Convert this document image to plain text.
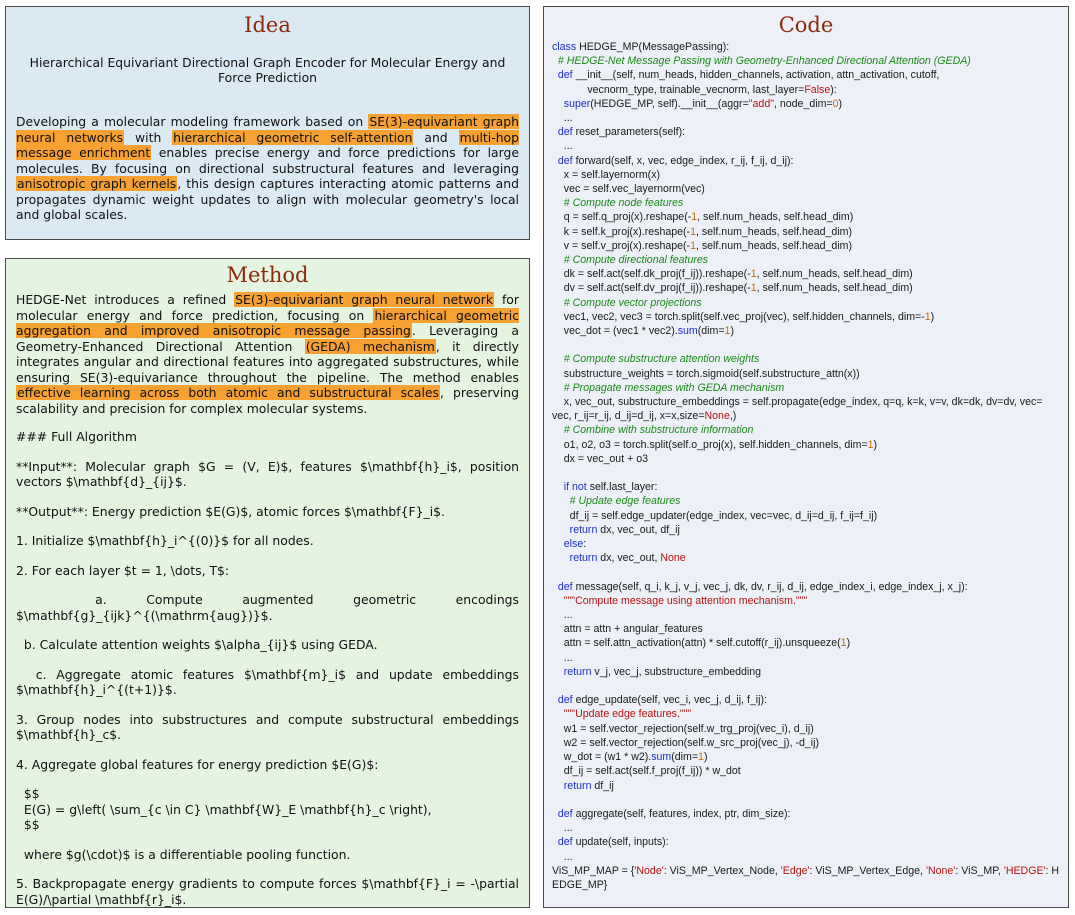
Idea
Hierarchical Equivariant Directional Graph Encoder for Molecular Energy and Force Prediction
Developing a molecular modeling framework based on SE(3)-equivariant graph neural networks with hierarchical geometric self-attention and multi-hop message enrichment enables precise energy and force predictions for large molecules. By focusing on directional substructural features and leveraging anisotropic graph kernels, this design captures interacting atomic patterns and propagates dynamic weight updates to align with molecular geometry's local and global scales.
Method
HEDGE-Net introduces a refined SE(3)-equivariant graph neural network for molecular energy and force prediction, focusing on hierarchical geometric aggregation and improved anisotropic message passing. Leveraging a Geometry-Enhanced Directional Attention (GEDA) mechanism, it directly integrates angular and directional features into aggregated substructures, while ensuring SE(3)-equivariance throughout the pipeline. The method enables effective learning across both atomic and substructural scales, preserving scalability and precision for complex molecular systems.
### Full Algorithm
**Input**: Molecular graph $G = (V, E)$, features $\mathbf{h}_i$, position vectors $\mathbf{d}_{ij}$.
**Output**: Energy prediction $E(G)$, atomic forces $\mathbf{F}_i$.
1. Initialize $\mathbf{h}_i^{(0)}$ for all nodes.
2. For each layer $t = 1, \dots, T$:
a. Compute augmented geometric encodings $\mathbf{g}_{ijk}^{(\mathrm{aug})}$.
b. Calculate attention weights $\alpha_{ij}$ using GEDA.
c. Aggregate atomic features $\mathbf{m}_i$ and update embeddings $\mathbf{h}_i^{(t+1)}$.
3. Group nodes into substructures and compute substructural embeddings $\mathbf{h}_c$.
4. Aggregate global features for energy prediction $E(G)$:
$$
E(G) = g\left( \sum_{c \in C} \mathbf{W}_E \mathbf{h}_c \right),
$$
where $g(\cdot)$ is a differentiable pooling function.
5. Backpropagate energy gradients to compute forces $\mathbf{F}_i = -\partial E(G)/\partial \mathbf{r}_i$.
Code
class HEDGE_MP(MessagePassing):
# HEDGE-Net Message Passing with Geometry-Enhanced Directional Attention (GEDA)
def __init__(self, num_heads, hidden_channels, activation, attn_activation, cutoff,
vecnorm_type, trainable_vecnorm, last_layer=False):
super(HEDGE_MP, self).__init__(aggr="add", node_dim=0)
...
def reset_parameters(self):
...
def forward(self, x, vec, edge_index, r_ij, f_ij, d_ij):
x = self.layernorm(x)
vec = self.vec_layernorm(vec)
# Compute node features
q = self.q_proj(x).reshape(-1, self.num_heads, self.head_dim)
k = self.k_proj(x).reshape(-1, self.num_heads, self.head_dim)
v = self.v_proj(x).reshape(-1, self.num_heads, self.head_dim)
# Compute directional features
dk = self.act(self.dk_proj(f_ij)).reshape(-1, self.num_heads, self.head_dim)
dv = self.act(self.dv_proj(f_ij)).reshape(-1, self.num_heads, self.head_dim)
# Compute vector projections
vec1, vec2, vec3 = torch.split(self.vec_proj(vec), self.hidden_channels, dim=-1)
vec_dot = (vec1 * vec2).sum(dim=1)
# Compute substructure attention weights
substructure_weights = torch.sigmoid(self.substructure_attn(x))
# Propagate messages with GEDA mechanism
x, vec_out, substructure_embeddings = self.propagate(edge_index, q=q, k=k, v=v, dk=dk, dv=dv, vec=
vec, r_ij=r_ij, d_ij=d_ij, x=x,size=None,)
# Combine with substructure information
o1, o2, o3 = torch.split(self.o_proj(x), self.hidden_channels, dim=1)
dx = vec_out + o3
if not self.last_layer:
# Update edge features
df_ij = self.edge_updater(edge_index, vec=vec, d_ij=d_ij, f_ij=f_ij)
return dx, vec_out, df_ij
else:
return dx, vec_out, None
def message(self, q_i, k_j, v_j, vec_j, dk, dv, r_ij, d_ij, edge_index_i, edge_index_j, x_j):
"""Compute message using attention mechanism."""
...
attn = attn + angular_features
attn = self.attn_activation(attn) * self.cutoff(r_ij).unsqueeze(1)
...
return v_j, vec_j, substructure_embedding
def edge_update(self, vec_i, vec_j, d_ij, f_ij):
"""Update edge features."""
w1 = self.vector_rejection(self.w_trg_proj(vec_i), d_ij)
w2 = self.vector_rejection(self.w_src_proj(vec_j), -d_ij)
w_dot = (w1 * w2).sum(dim=1)
df_ij = self.act(self.f_proj(f_ij)) * w_dot
return df_ij
def aggregate(self, features, index, ptr, dim_size):
...
def update(self, inputs):
...
ViS_MP_MAP = {'Node': ViS_MP_Vertex_Node, 'Edge': ViS_MP_Vertex_Edge, 'None': ViS_MP, 'HEDGE': H
EDGE_MP}
